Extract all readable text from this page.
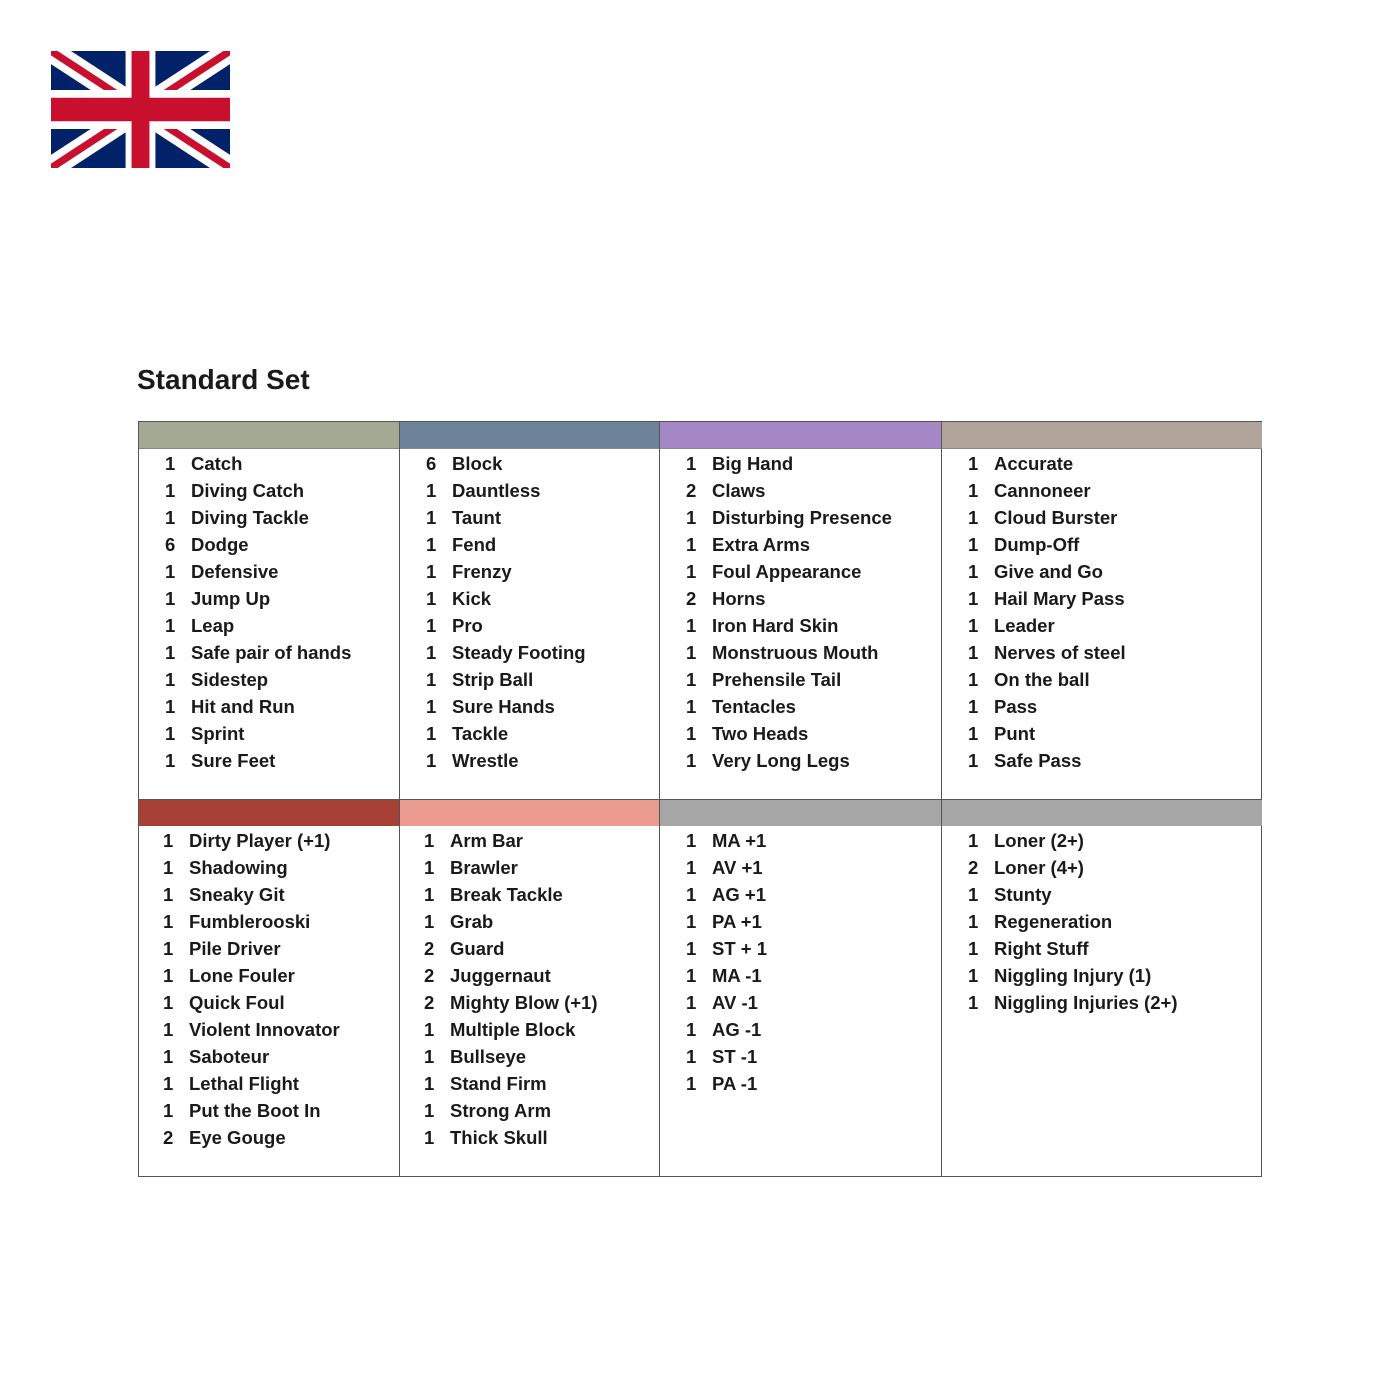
Standard Set
1 Catch
1 Diving Catch
1 Diving Tackle
6 Dodge
1 Defensive
1 Jump Up
1 Leap
1 Safe pair of hands
1 Sidestep
1 Hit and Run
1 Sprint
1 Sure Feet
6 Block
1 Dauntless
1 Taunt
1 Fend
1 Frenzy
1 Kick
1 Pro
1 Steady Footing
1 Strip Ball
1 Sure Hands
1 Tackle
1 Wrestle
1 Big Hand
2 Claws
1 Disturbing Presence
1 Extra Arms
1 Foul Appearance
2 Horns
1 Iron Hard Skin
1 Monstruous Mouth
1 Prehensile Tail
1 Tentacles
1 Two Heads
1 Very Long Legs
1 Accurate
1 Cannoneer
1 Cloud Burster
1 Dump-Off
1 Give and Go
1 Hail Mary Pass
1 Leader
1 Nerves of steel
1 On the ball
1 Pass
1 Punt
1 Safe Pass
1 Dirty Player (+1)
1 Shadowing
1 Sneaky Git
1 Fumblerooski
1 Pile Driver
1 Lone Fouler
1 Quick Foul
1 Violent Innovator
1 Saboteur
1 Lethal Flight
1 Put the Boot In
2 Eye Gouge
1 Arm Bar
1 Brawler
1 Break Tackle
1 Grab
2 Guard
2 Juggernaut
2 Mighty Blow (+1)
1 Multiple Block
1 Bullseye
1 Stand Firm
1 Strong Arm
1 Thick Skull
1 MA +1
1 AV +1
1 AG +1
1 PA +1
1 ST + 1
1 MA -1
1 AV -1
1 AG -1
1 ST -1
1 PA -1
1 Loner (2+)
2 Loner (4+)
1 Stunty
1 Regeneration
1 Right Stuff
1 Niggling Injury (1)
1 Niggling Injuries (2+)
